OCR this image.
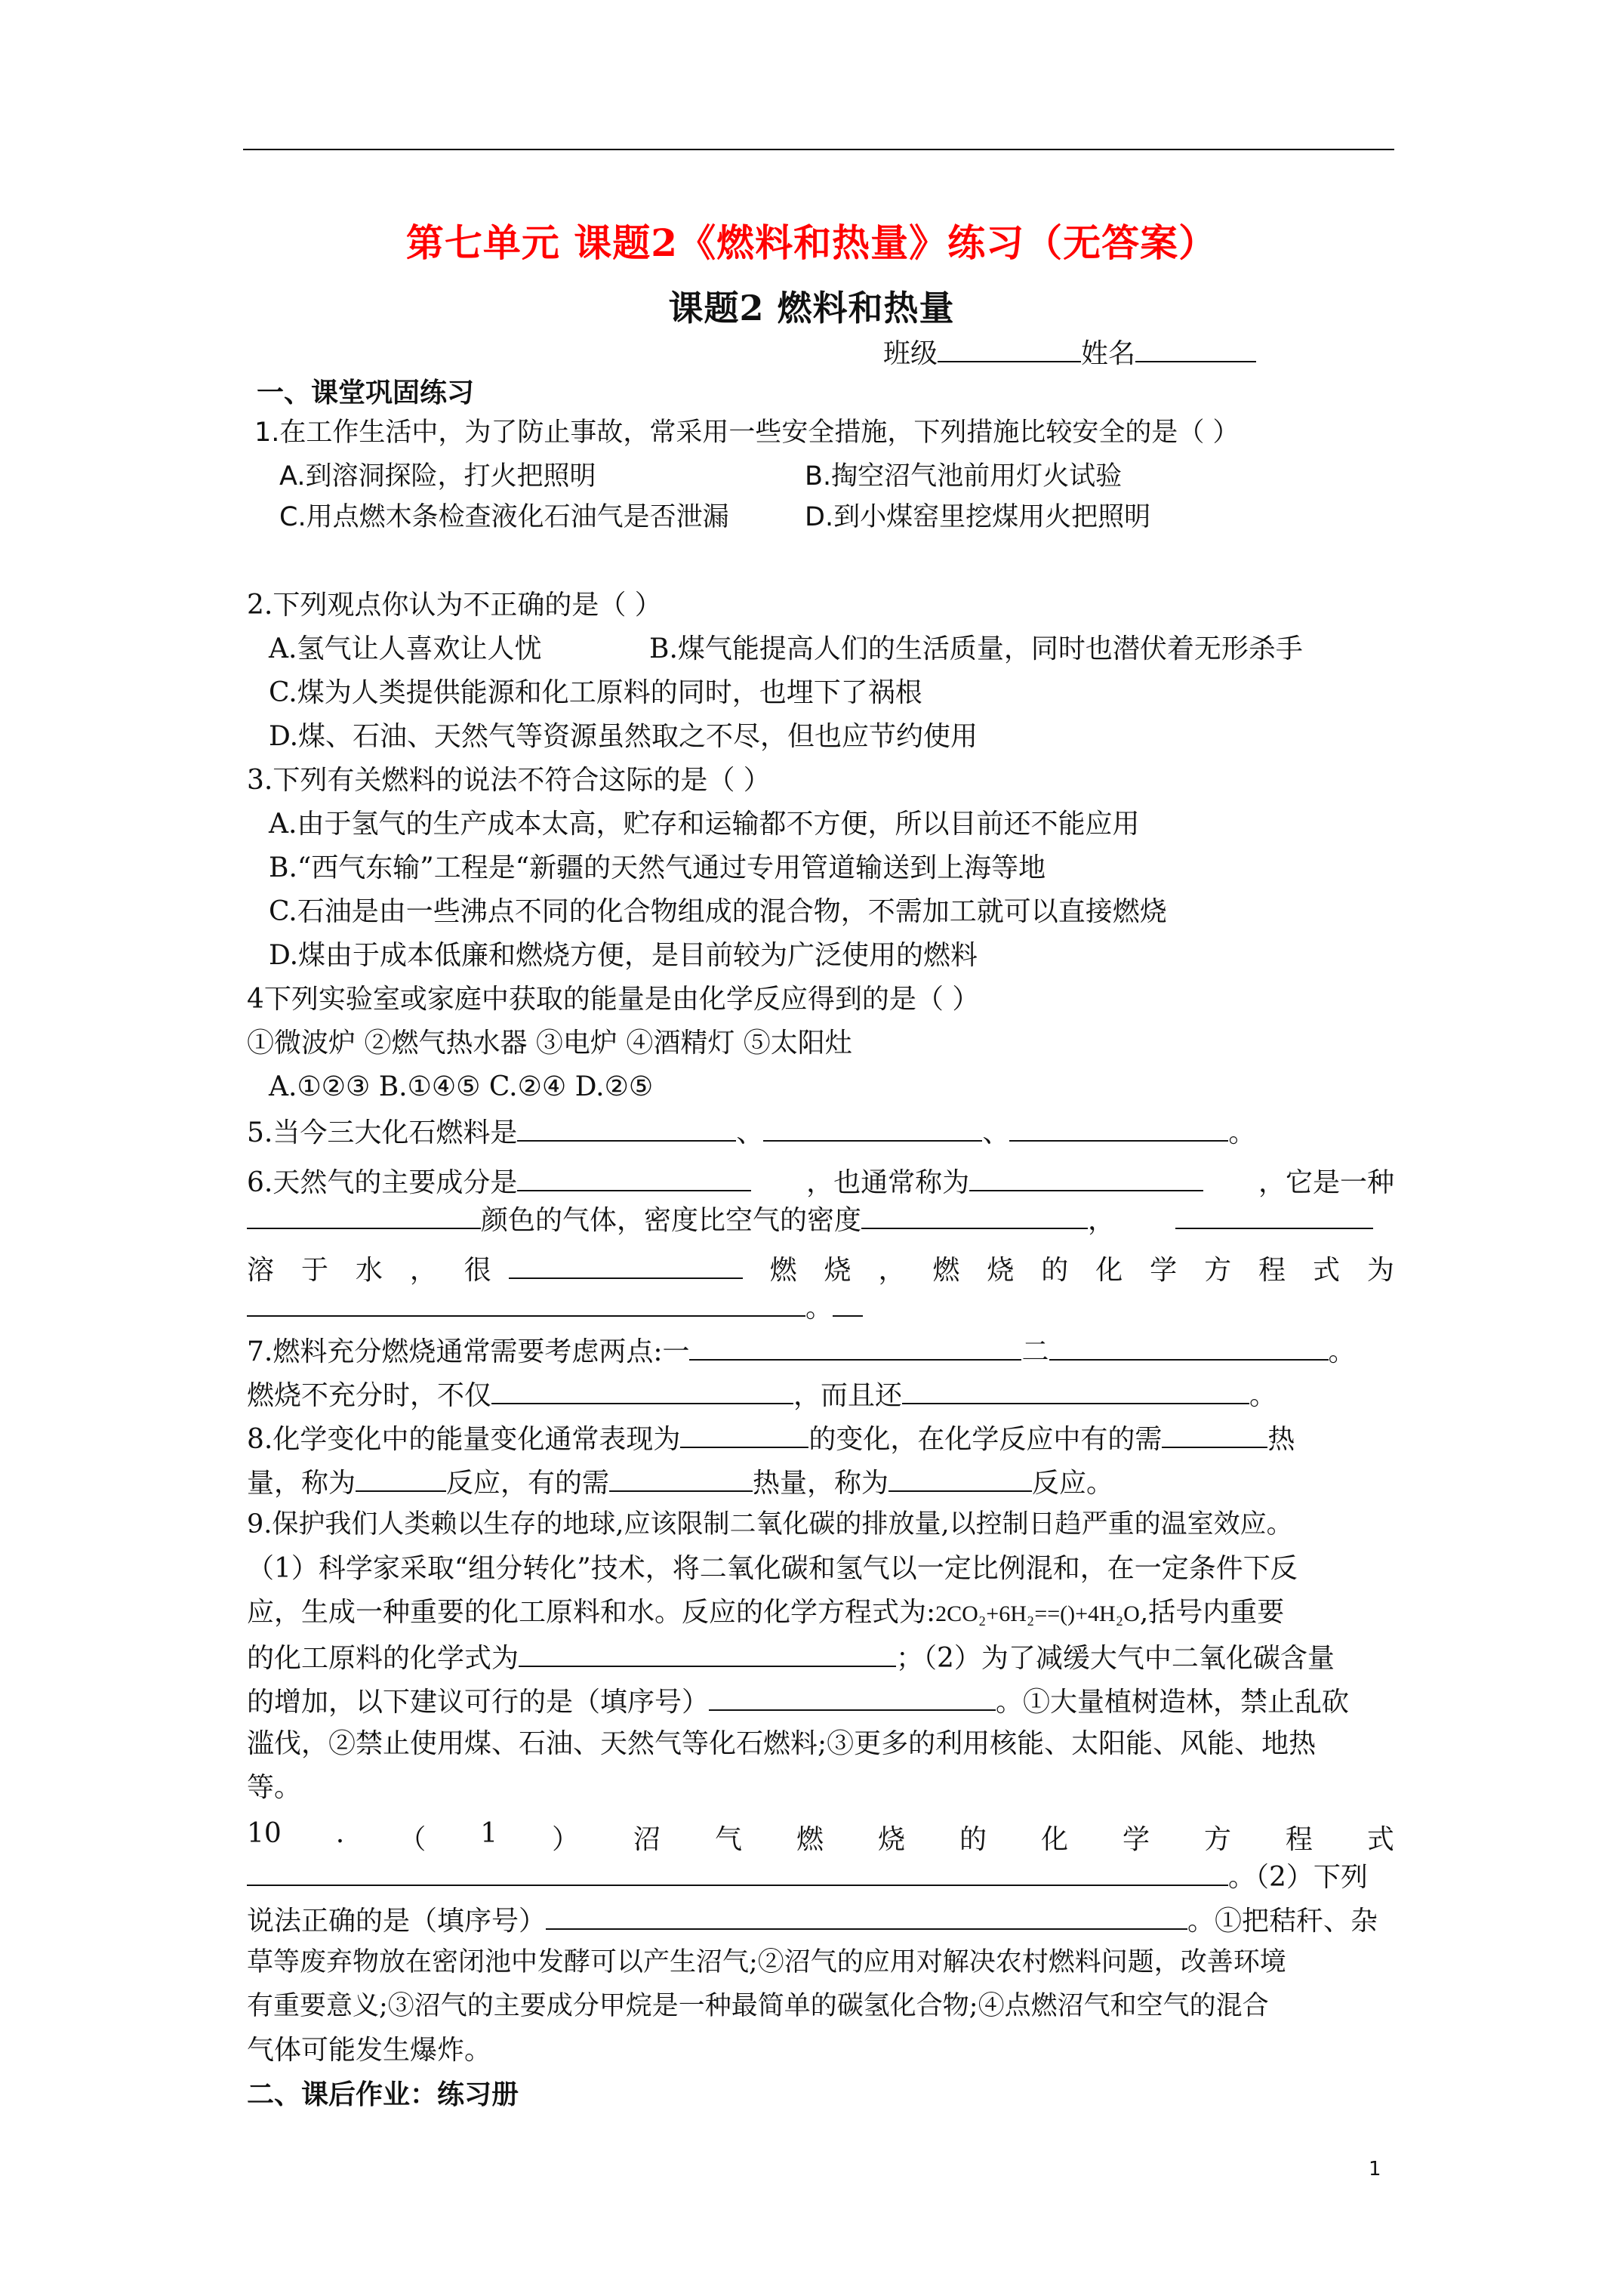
第七单元 课题2《燃料和热量》练习（无答案）
课题2 燃料和热量
班级	姓名
一、课堂巩固练习
1.在工作生活中，为了防止事故，常采用一些安全措施，下列措施比较安全的是（ ）
A.到溶洞探险，打火把照明	B.掏空沼气池前用灯火试验
C.用点燃木条检查液化石油气是否泄漏	D.到小煤窑里挖煤用火把照明
2.下列观点你认为不正确的是（ ）
A.氢气让人喜欢让人忧	B.煤气能提高人们的生活质量，同时也潜伏着无形杀手
C.煤为人类提供能源和化工原料的同时，也埋下了祸根
D.煤、石油、天然气等资源虽然取之不尽，但也应节约使用
3.下列有关燃料的说法不符合这际的是（ ）
A.由于氢气的生产成本太高，贮存和运输都不方便，所以目前还不能应用
B.“西气东输”工程是“新疆的天然气通过专用管道输送到上海等地
C.石油是由一些沸点不同的化合物组成的混合物，不需加工就可以直接燃烧
D.煤由于成本低廉和燃烧方便，是目前较为广泛使用的燃料
4下列实验室或家庭中获取的能量是由化学反应得到的是（ ）
①微波炉 ②燃气热水器 ③电炉 ④酒精灯 ⑤太阳灶
A.①②③ B.①④⑤ C.②④ D.②⑤
5.当今三大化石燃料是	、	、	。
6.天然气的主要成分是	，也通常称为	，它是一种
颜色的气体，密度比空气的密度	，
溶 于 水 ， 很	燃 烧 ， 燃 烧 的 化 学 方 程 式 为
。
7.燃料充分燃烧通常需要考虑两点:一	二	。
燃烧不充分时，不仅	，而且还	。
8.化学变化中的能量变化通常表现为	的变化，在化学反应中有的需	热
量，称为	反应，有的需	热量，称为	反应。
9.保护我们人类赖以生存的地球,应该限制二氧化碳的排放量,以控制日趋严重的温室效应。
（1）科学家采取“组分转化”技术，将二氧化碳和氢气以一定比例混和，在一定条件下反
应，生成一种重要的化工原料和水。反应的化学方程式为:2CO₂+6H₂==()+4H₂O,括号内重要
的化工原料的化学式为	；（2）为了减缓大气中二氧化碳含量
的增加，以下建议可行的是（填序号）	。①大量植树造林，禁止乱砍
滥伐，②禁止使用煤、石油、天然气等化石燃料;③更多的利用核能、太阳能、风能、地热
等。
10 . （ 1 ） 沼 气 燃 烧 的 化 学 方 程 式
。（2）下列
说法正确的是（填序号）	。①把秸秆、杂
草等废弃物放在密闭池中发酵可以产生沼气;②沼气的应用对解决农村燃料问题，改善环境
有重要意义;③沼气的主要成分甲烷是一种最简单的碳氢化合物;④点燃沼气和空气的混合
气体可能发生爆炸。
二、课后作业：练习册
1
